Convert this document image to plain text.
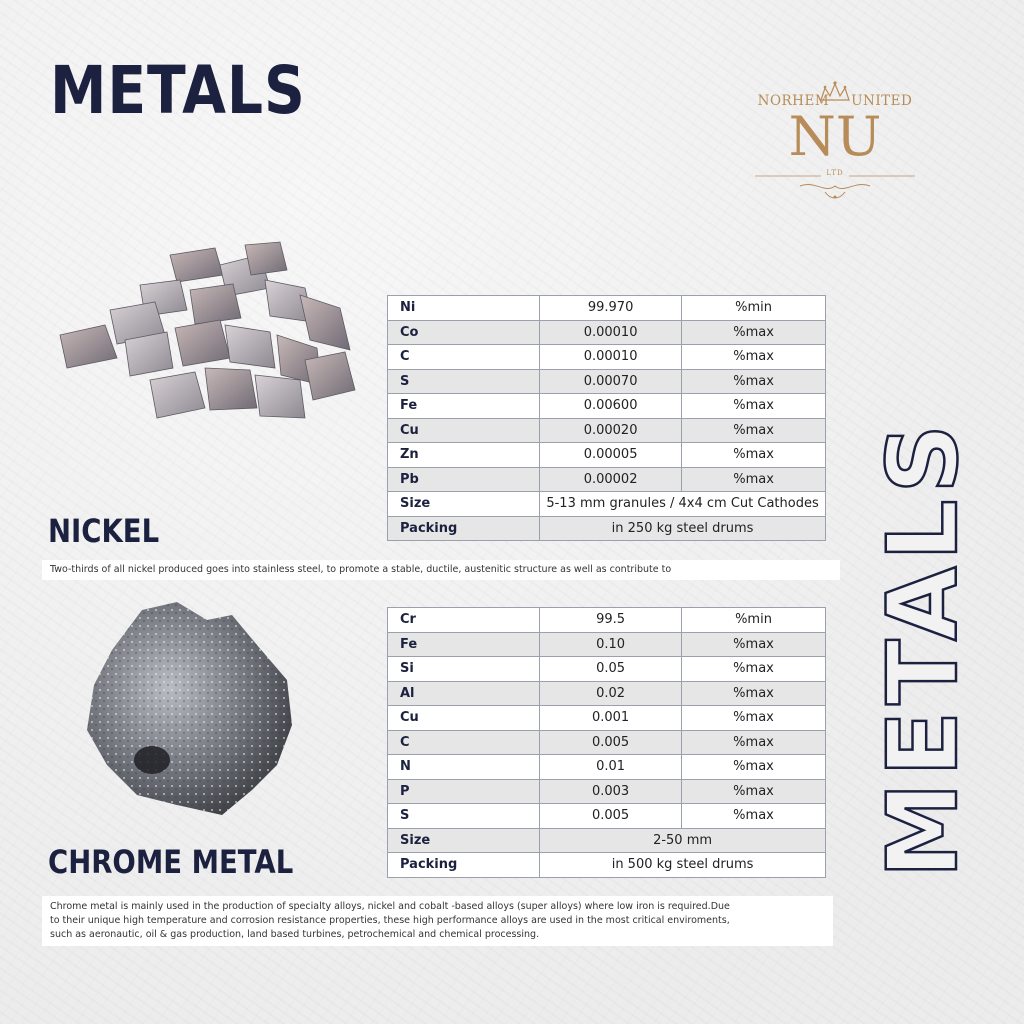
METALS	NORHEM UNITED
NU
LTD
NICKEL
Ni	99.970	%min
Co	0.00010	%max
C	0.00010	%max
S	0.00070	%max
Fe	0.00600	%max
Cu	0.00020	%max
Zn	0.00005	%max
Pb	0.00002	%max
Size	5-13 mm granules / 4x4 cm Cut Cathodes	
Packing	in 250 kg steel drums	
Two-thirds of all nickel produced goes into stainless steel, to promote a stable, ductile, austenitic structure as well as contribute to
CHROME METAL
Cr	99.5	%min
Fe	0.10	%max
Si	0.05	%max
Al	0.02	%max
Cu	0.001	%max
C	0.005	%max
N	0.01	%max
P	0.003	%max
S	0.005	%max
Size	2-50 mm	
Packing	in 500 kg steel drums	
Chrome metal is mainly used in the production of specialty alloys, nickel and cobalt -based alloys (super alloys) where low iron is required.Due
to their unique high temperature and corrosion resistance properties, these high performance alloys are used in the most critical enviroments,
such as aeronautic, oil & gas production, land based turbines, petrochemical and chemical processing.
METALS
